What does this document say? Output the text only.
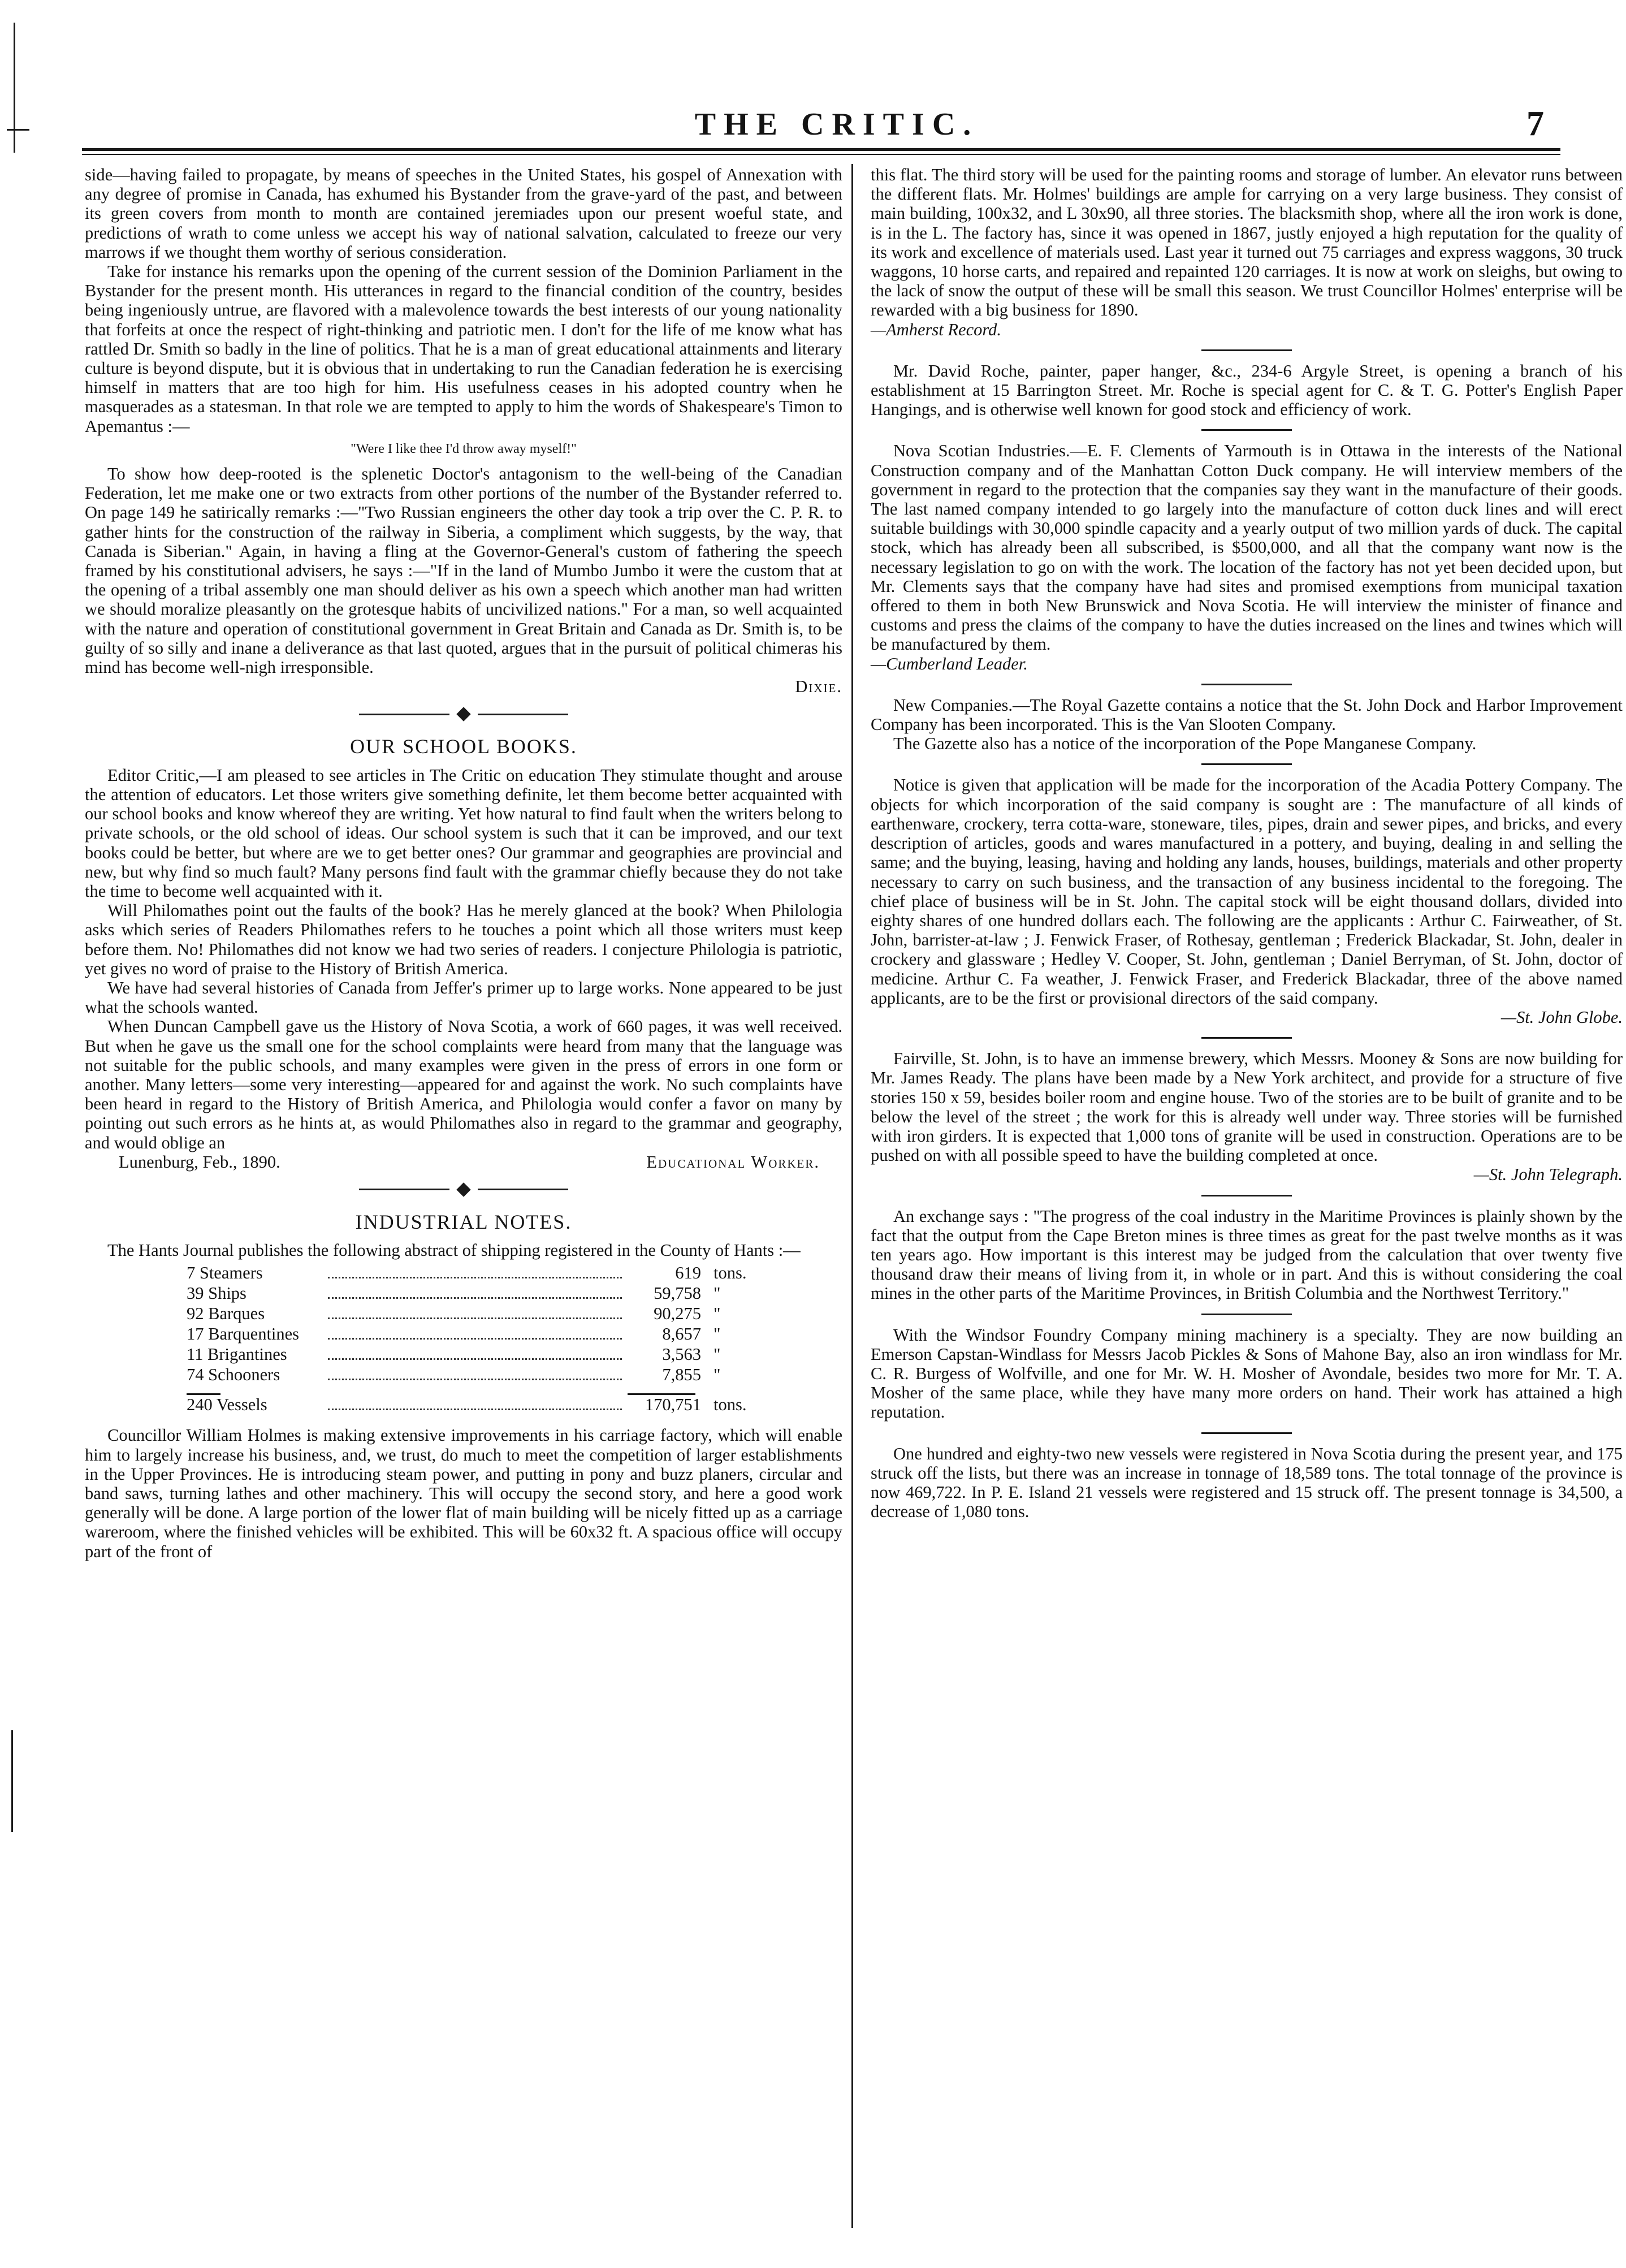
THE CRITIC.	7

side—having failed to propagate, by means of speeches in the United States, his gospel of Annexation with any degree of promise in Canada, has exhumed his Bystander from the grave-yard of the past, and between its green covers from month to month are contained jeremiades upon our present woeful state, and predictions of wrath to come unless we accept his way of national salvation, calculated to freeze our very marrows if we thought them worthy of serious consideration.

Take for instance his remarks upon the opening of the current session of the Dominion Parliament in the Bystander for the present month. His utterances in regard to the financial condition of the country, besides being ingeniously untrue, are flavored with a malevolence towards the best interests of our young nationality that forfeits at once the respect of right-thinking and patriotic men. I don't for the life of me know what has rattled Dr. Smith so badly in the line of politics. That he is a man of great educational attainments and literary culture is beyond dispute, but it is obvious that in undertaking to run the Canadian federation he is exercising himself in matters that are too high for him. His usefulness ceases in his adopted country when he masquerades as a statesman. In that role we are tempted to apply to him the words of Shakespeare's Timon to Apemantus :—

"Were I like thee I'd throw away myself!"

To show how deep-rooted is the splenetic Doctor's antagonism to the well-being of the Canadian Federation, let me make one or two extracts from other portions of the number of the Bystander referred to. On page 149 he satirically remarks :—"Two Russian engineers the other day took a trip over the C. P. R. to gather hints for the construction of the railway in Siberia, a compliment which suggests, by the way, that Canada is Siberian." Again, in having a fling at the Governor-General's custom of fathering the speech framed by his constitutional advisers, he says :—"If in the land of Mumbo Jumbo it were the custom that at the opening of a tribal assembly one man should deliver as his own a speech which another man had written we should moralize pleasantly on the grotesque habits of uncivilized nations." For a man, so well acquainted with the nature and operation of constitutional government in Great Britain and Canada as Dr. Smith is, to be guilty of so silly and inane a deliverance as that last quoted, argues that in the pursuit of political chimeras his mind has become well-nigh irresponsible.

Dixie.
OUR SCHOOL BOOKS.

Editor Critic,—I am pleased to see articles in The Critic on education They stimulate thought and arouse the attention of educators. Let those writers give something definite, let them become better acquainted with our school books and know whereof they are writing. Yet how natural to find fault when the writers belong to private schools, or the old school of ideas. Our school system is such that it can be improved, and our text books could be better, but where are we to get better ones? Our grammar and geographies are provincial and new, but why find so much fault? Many persons find fault with the grammar chiefly because they do not take the time to become well acquainted with it.

Will Philomathes point out the faults of the book? Has he merely glanced at the book? When Philologia asks which series of Readers Philomathes refers to he touches a point which all those writers must keep before them. No! Philomathes did not know we had two series of readers. I conjecture Philologia is patriotic, yet gives no word of praise to the History of British America.

We have had several histories of Canada from Jeffer's primer up to large works. None appeared to be just what the schools wanted.

When Duncan Campbell gave us the History of Nova Scotia, a work of 660 pages, it was well received. But when he gave us the small one for the school complaints were heard from many that the language was not suitable for the public schools, and many examples were given in the press of errors in one form or another. Many letters—some very interesting—appeared for and against the work. No such complaints have been heard in regard to the History of British America, and Philologia would confer a favor on many by pointing out such errors as he hints at, as would Philomathes also in regard to the grammar and geography, and would oblige an

Lunenburg, Feb., 1890.	Educational Worker.
INDUSTRIAL NOTES.

The Hants Journal publishes the following abstract of shipping registered in the County of Hants :—

7 Steamers	619 tons.
39 Ships	59,758 "
92 Barques	90,275 "
17 Barquentines	8,657 "
11 Brigantines	3,563 "
74 Schooners	7,855 "
240 Vessels	170,751 tons.

Councillor William Holmes is making extensive improvements in his carriage factory, which will enable him to largely increase his business, and, we trust, do much to meet the competition of larger establishments in the Upper Provinces. He is introducing steam power, and putting in pony and buzz planers, circular and band saws, turning lathes and other machinery. This will occupy the second story, and here a good work generally will be done. A large portion of the lower flat of main building will be nicely fitted up as a carriage wareroom, where the finished vehicles will be exhibited. This will be 60x32 ft. A spacious office will occupy part of the front of

this flat. The third story will be used for the painting rooms and storage of lumber. An elevator runs between the different flats. Mr. Holmes' buildings are ample for carrying on a very large business. They consist of main building, 100x32, and L 30x90, all three stories. The blacksmith shop, where all the iron work is done, is in the L. The factory has, since it was opened in 1867, justly enjoyed a high reputation for the quality of its work and excellence of materials used. Last year it turned out 75 carriages and express waggons, 30 truck waggons, 10 horse carts, and repaired and repainted 120 carriages. It is now at work on sleighs, but owing to the lack of snow the output of these will be small this season. We trust Councillor Holmes' enterprise will be rewarded with a big business for 1890.

—Amherst Record.

Mr. David Roche, painter, paper hanger, &c., 234-6 Argyle Street, is opening a branch of his establishment at 15 Barrington Street. Mr. Roche is special agent for C. & T. G. Potter's English Paper Hangings, and is otherwise well known for good stock and efficiency of work.

Nova Scotian Industries.—E. F. Clements of Yarmouth is in Ottawa in the interests of the National Construction company and of the Manhattan Cotton Duck company. He will interview members of the government in regard to the protection that the companies say they want in the manufacture of their goods. The last named company intended to go largely into the manufacture of cotton duck lines and will erect suitable buildings with 30,000 spindle capacity and a yearly output of two million yards of duck. The capital stock, which has already been all subscribed, is $500,000, and all that the company want now is the necessary legislation to go on with the work. The location of the factory has not yet been decided upon, but Mr. Clements says that the company have had sites and promised exemptions from municipal taxation offered to them in both New Brunswick and Nova Scotia. He will interview the minister of finance and customs and press the claims of the company to have the duties increased on the lines and twines which will be manufactured by them.

—Cumberland Leader.

New Companies.—The Royal Gazette contains a notice that the St. John Dock and Harbor Improvement Company has been incorporated. This is the Van Slooten Company.

The Gazette also has a notice of the incorporation of the Pope Manganese Company.

Notice is given that application will be made for the incorporation of the Acadia Pottery Company. The objects for which incorporation of the said company is sought are : The manufacture of all kinds of earthenware, crockery, terra cotta-ware, stoneware, tiles, pipes, drain and sewer pipes, and bricks, and every description of articles, goods and wares manufactured in a pottery, and buying, dealing in and selling the same; and the buying, leasing, having and holding any lands, houses, buildings, materials and other property necessary to carry on such business, and the transaction of any business incidental to the foregoing. The chief place of business will be in St. John. The capital stock will be eight thousand dollars, divided into eighty shares of one hundred dollars each. The following are the applicants : Arthur C. Fairweather, of St. John, barrister-at-law ; J. Fenwick Fraser, of Rothesay, gentleman ; Frederick Blackadar, St. John, dealer in crockery and glassware ; Hedley V. Cooper, St. John, gentleman ; Daniel Berryman, of St. John, doctor of medicine. Arthur C. Fa weather, J. Fenwick Fraser, and Frederick Blackadar, three of the above named applicants, are to be the first or provisional directors of the said company.

—St. John Globe.

Fairville, St. John, is to have an immense brewery, which Messrs. Mooney & Sons are now building for Mr. James Ready. The plans have been made by a New York architect, and provide for a structure of five stories 150 x 59, besides boiler room and engine house. Two of the stories are to be built of granite and to be below the level of the street ; the work for this is already well under way. Three stories will be furnished with iron girders. It is expected that 1,000 tons of granite will be used in construction. Operations are to be pushed on with all possible speed to have the building completed at once.

—St. John Telegraph.

An exchange says : "The progress of the coal industry in the Maritime Provinces is plainly shown by the fact that the output from the Cape Breton mines is three times as great for the past twelve months as it was ten years ago. How important is this interest may be judged from the calculation that over twenty five thousand draw their means of living from it, in whole or in part. And this is without considering the coal mines in the other parts of the Maritime Provinces, in British Columbia and the Northwest Territory."

With the Windsor Foundry Company mining machinery is a specialty. They are now building an Emerson Capstan-Windlass for Messrs Jacob Pickles & Sons of Mahone Bay, also an iron windlass for Mr. C. R. Burgess of Wolfville, and one for Mr. W. H. Mosher of Avondale, besides two more for Mr. T. A. Mosher of the same place, while they have many more orders on hand. Their work has attained a high reputation.

One hundred and eighty-two new vessels were registered in Nova Scotia during the present year, and 175 struck off the lists, but there was an increase in tonnage of 18,589 tons. The total tonnage of the province is now 469,722. In P. E. Island 21 vessels were registered and 15 struck off. The present tonnage is 34,500, a decrease of 1,080 tons.
